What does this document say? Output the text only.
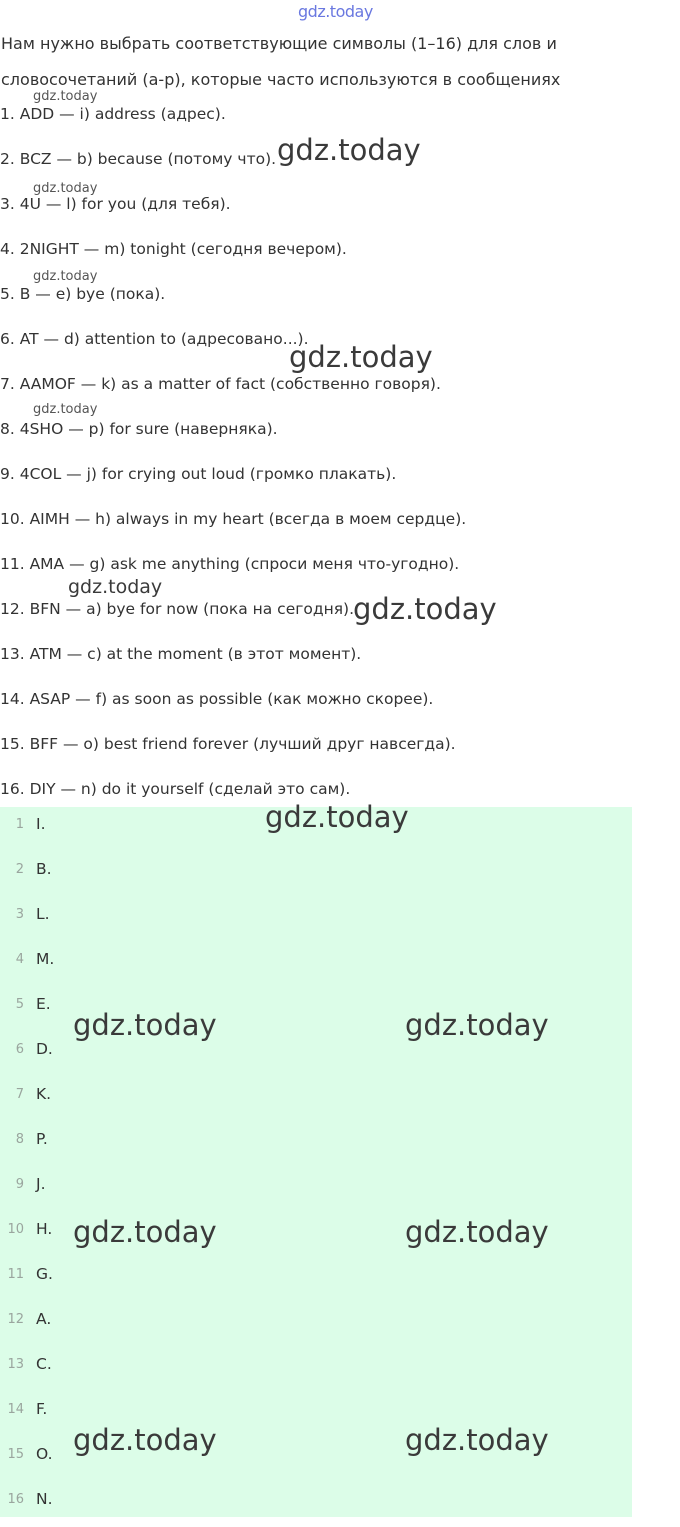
gdz.today
Нам нужно выбрать соответствующие символы (1–16) для слов и
словосочетаний (a-p), которые часто используются в сообщениях
1. ADD — i) address (адрес).
2. BCZ — b) because (потому что).
3. 4U — l) for you (для тебя).
4. 2NIGHT — m) tonight (сегодня вечером).
5. B — e) bye (пока).
6. AT — d) attention to (адресовано...).
7. AAMOF — k) as a matter of fact (собственно говоря).
8. 4SHO — p) for sure (наверняка).
9. 4COL — j) for crying out loud (громко плакать).
10. AIMH — h) always in my heart (всегда в моем сердце).
11. AMA — g) ask me anything (спроси меня что-угодно).
12. BFN — a) bye for now (пока на сегодня).
13. ATM — c) at the moment (в этот момент).
14. ASAP — f) as soon as possible (как можно скорее).
15. BFF — o) best friend forever (лучший друг навсегда).
16. DIY — n) do it yourself (сделай это сам).
1 I.
2 B.
3 L.
4 M.
5 E.
6 D.
7 K.
8 P.
9 J.
10 H.
11 G.
12 A.
13 C.
14 F.
15 O.
16 N.
gdz.today
gdz.today
gdz.today
gdz.today
gdz.today
gdz.today
gdz.today
gdz.today
gdz.today
gdz.today	gdz.today
gdz.today	gdz.today
gdz.today	gdz.today
